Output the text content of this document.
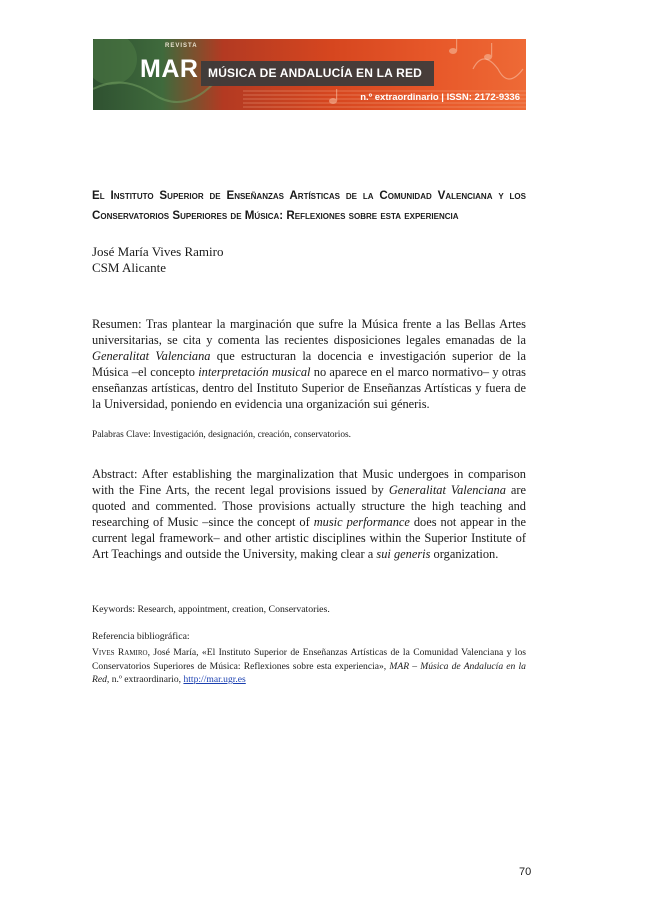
REVISTA
MAR MÚSICA DE ANDALUCÍA EN LA RED
n.º extraordinario | ISSN: 2172-9336
El Instituto Superior de Enseñanzas Artísticas de la Comunidad Valenciana y los Conservatorios Superiores de Música: Reflexiones sobre esta experiencia
José María Vives Ramiro
CSM Alicante
Resumen: Tras plantear la marginación que sufre la Música frente a las Bellas Artes universitarias, se cita y comenta las recientes disposiciones legales emanadas de la Generalitat Valenciana que estructuran la docencia e investigación superior de la Música –el concepto interpretación musical no aparece en el marco normativo– y otras enseñanzas artísticas, dentro del Instituto Superior de Enseñanzas Artísticas y fuera de la Universidad, poniendo en evidencia una organización sui géneris.
Palabras Clave: Investigación, designación, creación, conservatorios.
Abstract: After establishing the marginalization that Music undergoes in comparison with the Fine Arts, the recent legal provisions issued by Generalitat Valenciana are quoted and commented. Those provisions actually structure the high teaching and researching of Music –since the concept of music performance does not appear in the current legal framework– and other artistic disciplines within the Superior Institute of Art Teachings and outside the University, making clear a sui generis organization.
Keywords: Research, appointment, creation, Conservatories.
Referencia bibliográfica:
Vives Ramiro, José María, «El Instituto Superior de Enseñanzas Artísticas de la Comunidad Valenciana y los Conservatorios Superiores de Música: Reflexiones sobre esta experiencia», MAR – Música de Andalucía en la Red, n.º extraordinario, http://mar.ugr.es
70
